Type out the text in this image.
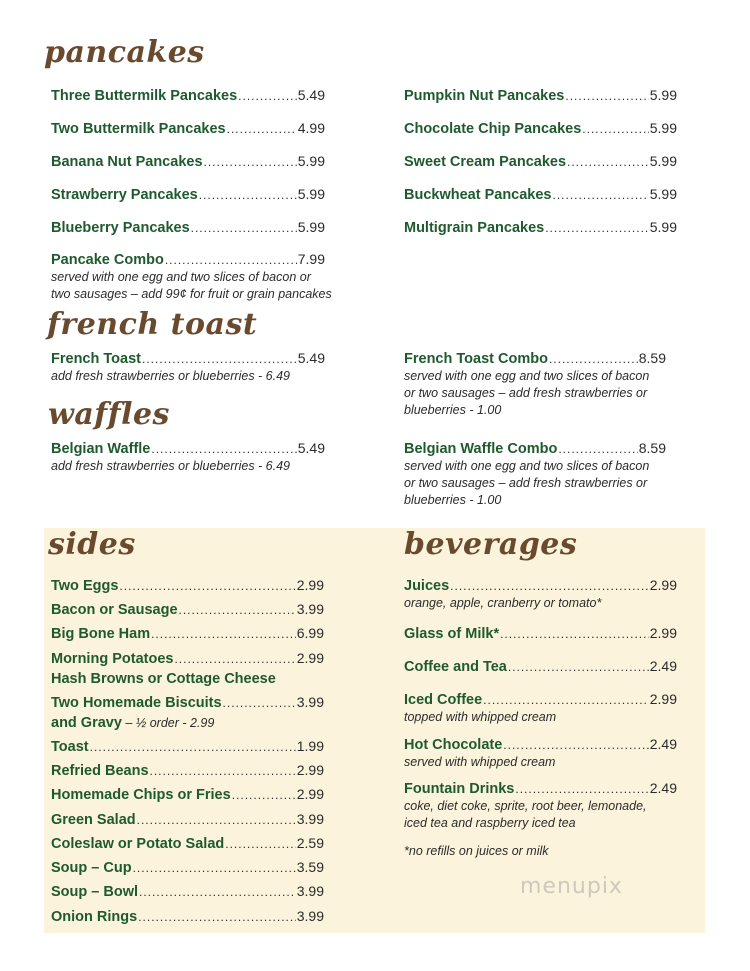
pancakes
Three Buttermilk Pancakes .....	5.49
Two Buttermilk Pancakes .....	4.99
Banana Nut Pancakes .....	5.99
Strawberry Pancakes .....	5.99
Blueberry Pancakes .....	5.99
Pumpkin Nut Pancakes .....	5.99
Chocolate Chip Pancakes .....	5.99
Sweet Cream Pancakes .....	5.99
Buckwheat Pancakes .....	5.99
Multigrain Pancakes .....	5.99
Pancake Combo .....	7.99
served with one egg and two slices of bacon or
two sausages – add 99¢ for fruit or grain pancakes
french toast
French Toast .....	5.49
add fresh strawberries or blueberries - 6.49
French Toast Combo .....	8.59
served with one egg and two slices of bacon
or two sausages – add fresh strawberries or
blueberries - 1.00
waffles
Belgian Waffle .....	5.49
add fresh strawberries or blueberries - 6.49
Belgian Waffle Combo .....	8.59
served with one egg and two slices of bacon
or two sausages – add fresh strawberries or
blueberries - 1.00
sides	beverages
Two Eggs .....	2.99
Bacon or Sausage .....	3.99
Big Bone Ham .....	6.99
Morning Potatoes .....	2.99
Hash Browns or Cottage Cheese
Two Homemade Biscuits .....	3.99
and Gravy – ½ order - 2.99
Toast .....	1.99
Refried Beans .....	2.99
Homemade Chips or Fries .....	2.99
Green Salad .....	3.99
Coleslaw or Potato Salad .....	2.59
Soup – Cup .....	3.59
Soup – Bowl .....	3.99
Onion Rings .....	3.99
Juices .....	2.99
orange, apple, cranberry or tomato*
Glass of Milk* .....	2.99
Coffee and Tea .....	2.49
Iced Coffee .....	2.99
topped with whipped cream
Hot Chocolate .....	2.49
served with whipped cream
Fountain Drinks .....	2.49
coke, diet coke, sprite, root beer, lemonade,
iced tea and raspberry iced tea
*no refills on juices or milk
menupix
